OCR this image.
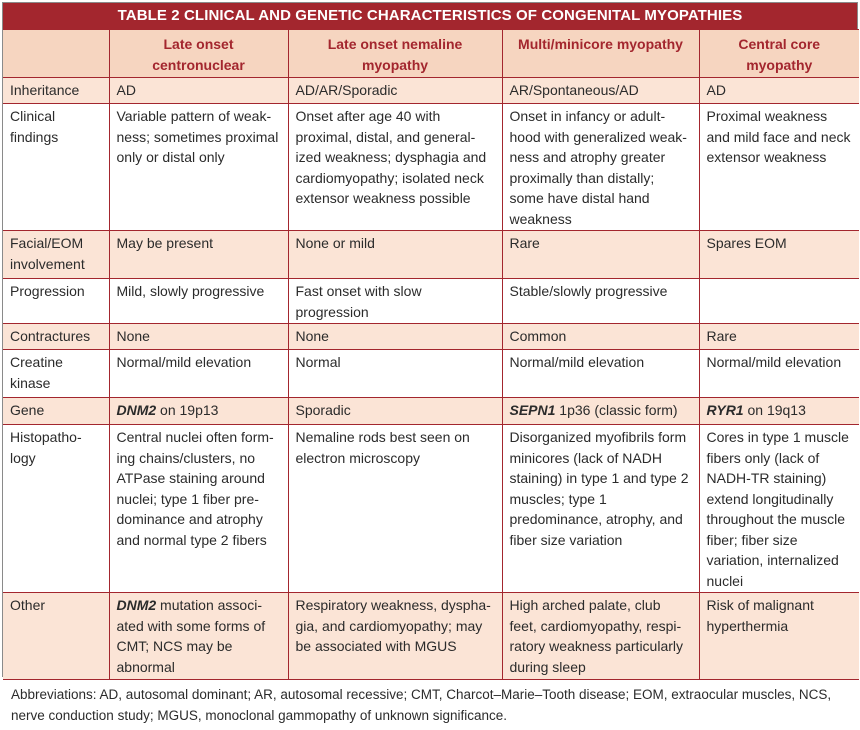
TABLE 2 CLINICAL AND GENETIC CHARACTERISTICS OF CONGENITAL MYOPATHIES
	Late onset centronuclear	Late onset nemaline myopathy	Multi/minicore myopathy	Central core myopathy
Inheritance	AD	AD/AR/Sporadic	AR/Spontaneous/AD	AD
Clinical findings	Variable pattern of weakness; sometimes proximal only or distal only	Onset after age 40 with proximal, distal, and generalized weakness; dysphagia and cardiomyopathy; isolated neck extensor weakness possible	Onset in infancy or adulthood with generalized weakness and atrophy greater proximally than distally; some have distal hand weakness	Proximal weakness and mild face and neck extensor weakness
Facial/EOM involvement	May be present	None or mild	Rare	Spares EOM
Progression	Mild, slowly progressive	Fast onset with slow progression	Stable/slowly progressive	
Contractures	None	None	Common	Rare
Creatine kinase	Normal/mild elevation	Normal	Normal/mild elevation	Normal/mild elevation
Gene	DNM2 on 19p13	Sporadic	SEPN1 1p36 (classic form)	RYR1 on 19q13
Histopathology	Central nuclei often forming chains/clusters, no ATPase staining around nuclei; type 1 fiber predominance and atrophy and normal type 2 fibers	Nemaline rods best seen on electron microscopy	Disorganized myofibrils form minicores (lack of NADH staining) in type 1 and type 2 muscles; type 1 predominance, atrophy, and fiber size variation	Cores in type 1 muscle fibers only (lack of NADH-TR staining) extend longitudinally throughout the muscle fiber; fiber size variation, internalized nuclei
Other	DNM2 mutation associated with some forms of CMT; NCS may be abnormal	Respiratory weakness, dysphagia, and cardiomyopathy; may be associated with MGUS	High arched palate, club feet, cardiomyopathy, respiratory weakness particularly during sleep	Risk of malignant hyperthermia
Abbreviations: AD, autosomal dominant; AR, autosomal recessive; CMT, Charcot–Marie–Tooth disease; EOM, extraocular muscles, NCS, nerve conduction study; MGUS, monoclonal gammopathy of unknown significance.				
